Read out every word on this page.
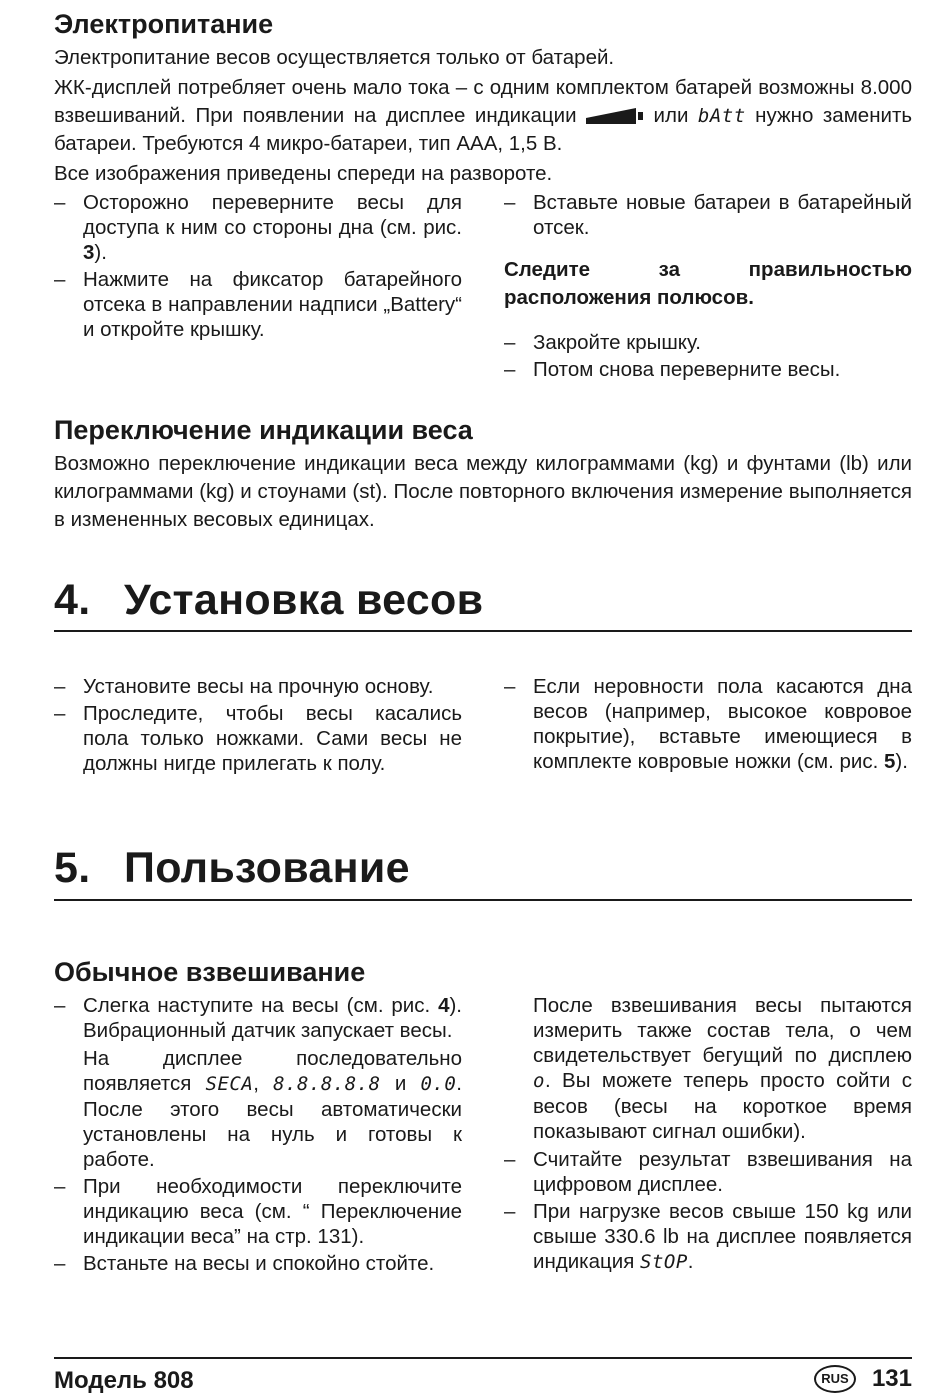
Электропитание

Электропитание весов осуществляется только от батарей.

ЖК-дисплей потребляет очень мало тока – с одним комплектом батарей возможны 8.000 взвешиваний. При появлении на дисплее индикации	или bAtt нужно заменить батареи. Требуются 4 микро-батареи, тип AAA, 1,5 В.

Все изображения приведены спереди на развороте.

– Осторожно переверните весы для доступа к ним со стороны дна (см. рис. 3).
– Нажмите на фиксатор батарейного отсека в направлении надписи „Battery“ и откройте крышку.
– Вставьте новые батареи в батарейный отсек.

Следите за правильностью расположения полюсов.

– Закройте крышку.
– Потом снова переверните весы.
Переключение индикации веса

Возможно переключение индикации веса между килограммами (kg) и фунтами (lb) или килограммами (kg) и стоунами (st). После повторного включения измерение выполняется в измененных весовых единицах.

4. Установка весов
– Установите весы на прочную основу.
– Проследите, чтобы весы касались пола только ножками. Сами весы не должны нигде прилегать к полу.
– Если неровности пола касаются дна весов (например, высокое ковровое покрытие), вставьте имеющиеся в комплекте ковровые ножки (см. рис. 5).
5. Пользование
Обычное взвешивание
– Слегка наступите на весы (см. рис. 4). Вибрационный датчик запускает весы.
На дисплее последовательно появляется SECA, 8.8.8.8.8 и 0.0. После этого весы автоматически установлены на нуль и готовы к работе.
– При необходимости переключите индикацию веса (см. “ Переключение индикации веса” на стр. 131).
– Встаньте на весы и спокойно стойте.

После взвешивания весы пытаются измерить также состав тела, о чем свидетельствует бегущий по дисплею o. Вы можете теперь просто сойти с весов (весы на короткое время показывают сигнал ошибки).

– Считайте результат взвешивания на цифровом дисплее.
– При нагрузке весов свыше 150 kg или свыше 330.6 lb на дисплее появляется индикация StOP.
Модель 808	RUS 131
